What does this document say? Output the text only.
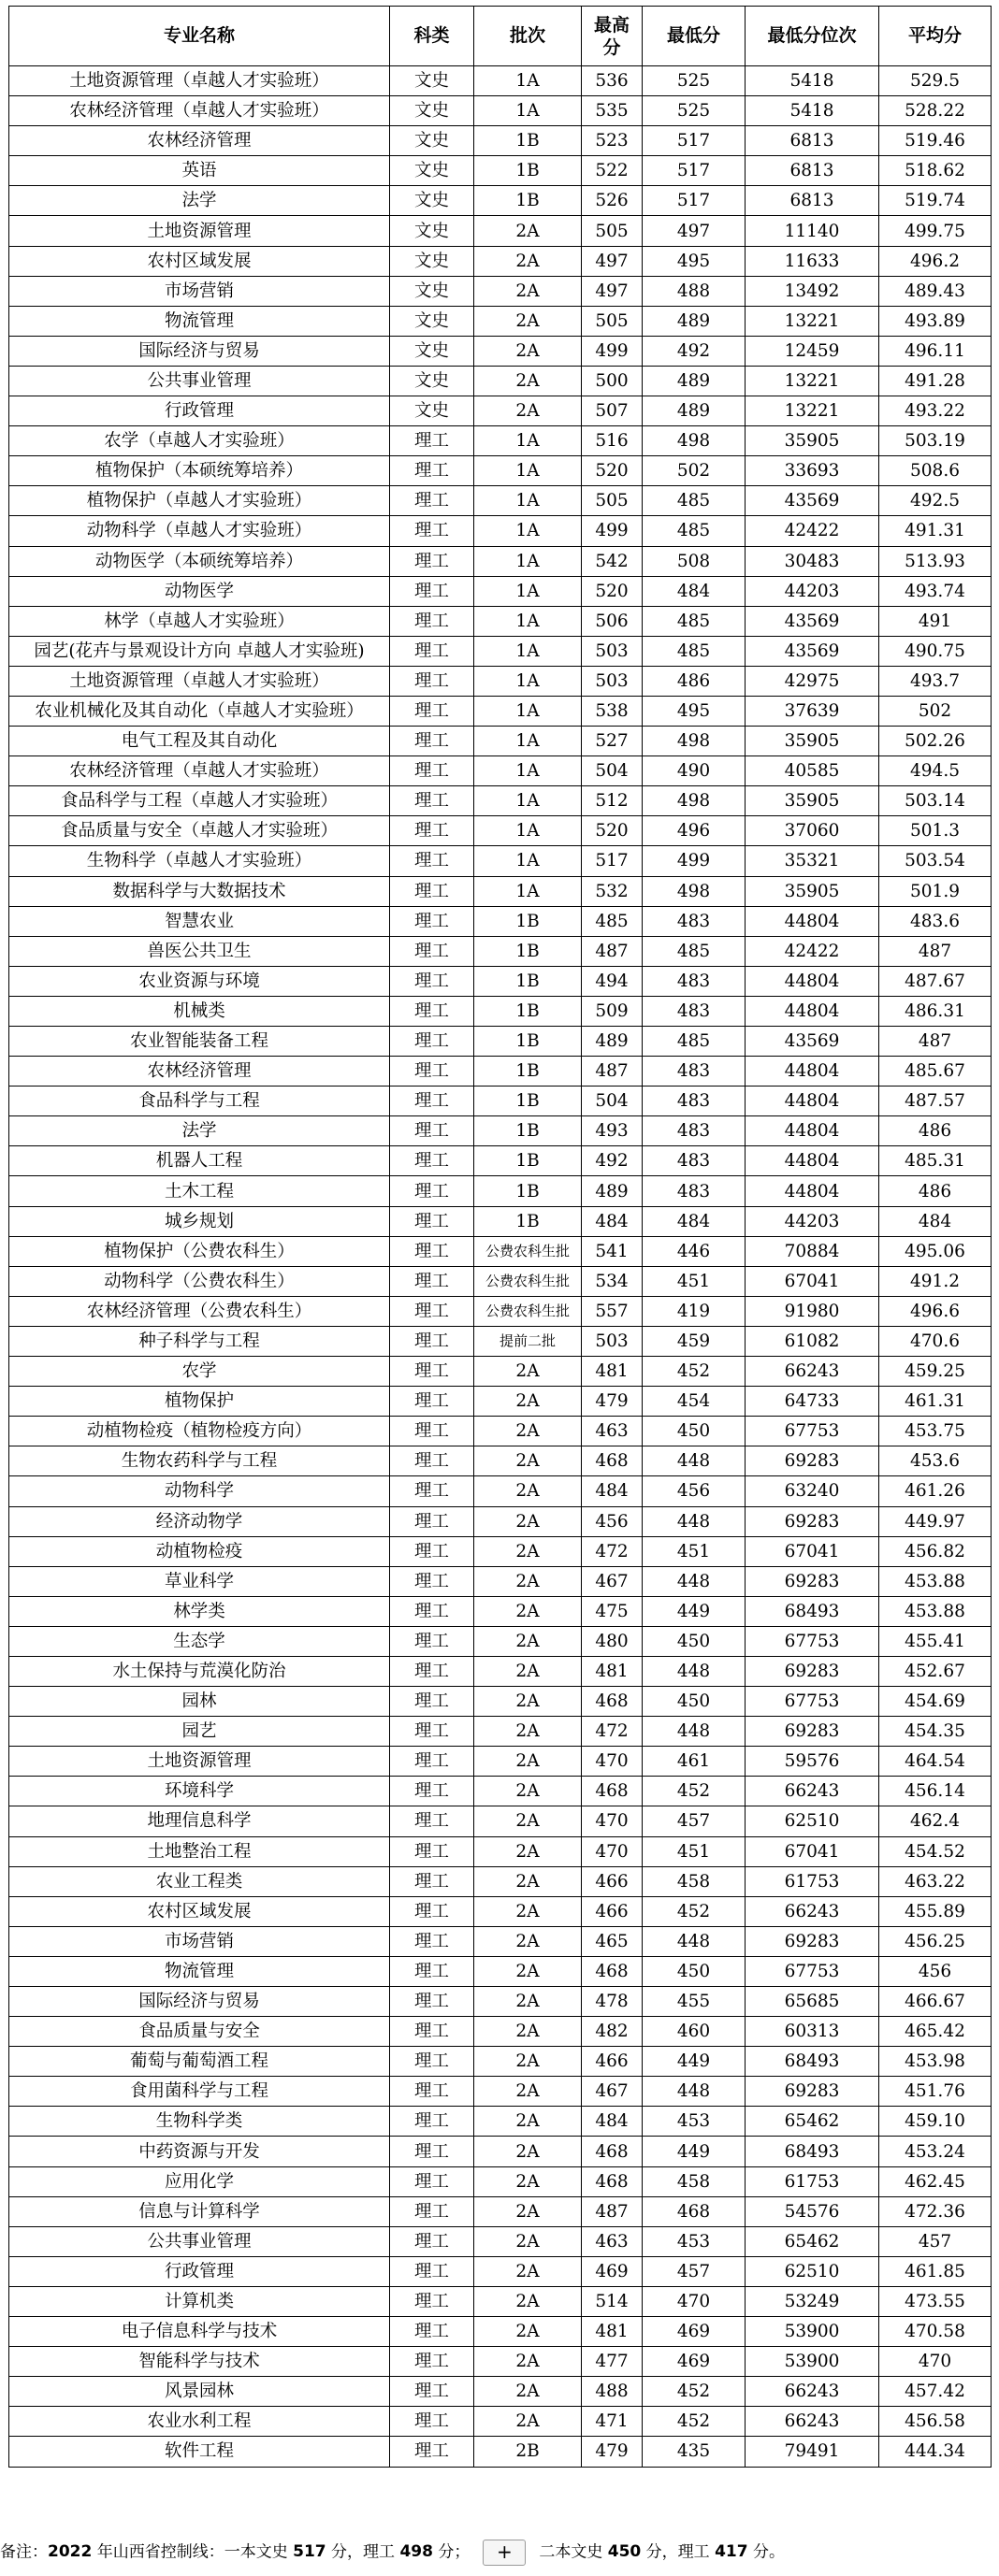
专业名称	科类	批次	最高分	最低分	最低分位次	平均分
土地资源管理（卓越人才实验班）	文史	1A	536	525	5418	529.5
农林经济管理（卓越人才实验班）	文史	1A	535	525	5418	528.22
农林经济管理	文史	1B	523	517	6813	519.46
英语	文史	1B	522	517	6813	518.62
法学	文史	1B	526	517	6813	519.74
土地资源管理	文史	2A	505	497	11140	499.75
农村区域发展	文史	2A	497	495	11633	496.2
市场营销	文史	2A	497	488	13492	489.43
物流管理	文史	2A	505	489	13221	493.89
国际经济与贸易	文史	2A	499	492	12459	496.11
公共事业管理	文史	2A	500	489	13221	491.28
行政管理	文史	2A	507	489	13221	493.22
农学（卓越人才实验班）	理工	1A	516	498	35905	503.19
植物保护（本硕统筹培养）	理工	1A	520	502	33693	508.6
植物保护（卓越人才实验班）	理工	1A	505	485	43569	492.5
动物科学（卓越人才实验班）	理工	1A	499	485	42422	491.31
动物医学（本硕统筹培养）	理工	1A	542	508	30483	513.93
动物医学	理工	1A	520	484	44203	493.74
林学（卓越人才实验班）	理工	1A	506	485	43569	491
园艺(花卉与景观设计方向 卓越人才实验班)	理工	1A	503	485	43569	490.75
土地资源管理（卓越人才实验班）	理工	1A	503	486	42975	493.7
农业机械化及其自动化（卓越人才实验班）	理工	1A	538	495	37639	502
电气工程及其自动化	理工	1A	527	498	35905	502.26
农林经济管理（卓越人才实验班）	理工	1A	504	490	40585	494.5
食品科学与工程（卓越人才实验班）	理工	1A	512	498	35905	503.14
食品质量与安全（卓越人才实验班）	理工	1A	520	496	37060	501.3
生物科学（卓越人才实验班）	理工	1A	517	499	35321	503.54
数据科学与大数据技术	理工	1A	532	498	35905	501.9
智慧农业	理工	1B	485	483	44804	483.6
兽医公共卫生	理工	1B	487	485	42422	487
农业资源与环境	理工	1B	494	483	44804	487.67
机械类	理工	1B	509	483	44804	486.31
农业智能装备工程	理工	1B	489	485	43569	487
农林经济管理	理工	1B	487	483	44804	485.67
食品科学与工程	理工	1B	504	483	44804	487.57
法学	理工	1B	493	483	44804	486
机器人工程	理工	1B	492	483	44804	485.31
土木工程	理工	1B	489	483	44804	486
城乡规划	理工	1B	484	484	44203	484
植物保护（公费农科生）	理工	公费农科生批	541	446	70884	495.06
动物科学（公费农科生）	理工	公费农科生批	534	451	67041	491.2
农林经济管理（公费农科生）	理工	公费农科生批	557	419	91980	496.6
种子科学与工程	理工	提前二批	503	459	61082	470.6
农学	理工	2A	481	452	66243	459.25
植物保护	理工	2A	479	454	64733	461.31
动植物检疫（植物检疫方向）	理工	2A	463	450	67753	453.75
生物农药科学与工程	理工	2A	468	448	69283	453.6
动物科学	理工	2A	484	456	63240	461.26
经济动物学	理工	2A	456	448	69283	449.97
动植物检疫	理工	2A	472	451	67041	456.82
草业科学	理工	2A	467	448	69283	453.88
林学类	理工	2A	475	449	68493	453.88
生态学	理工	2A	480	450	67753	455.41
水土保持与荒漠化防治	理工	2A	481	448	69283	452.67
园林	理工	2A	468	450	67753	454.69
园艺	理工	2A	472	448	69283	454.35
土地资源管理	理工	2A	470	461	59576	464.54
环境科学	理工	2A	468	452	66243	456.14
地理信息科学	理工	2A	470	457	62510	462.4
土地整治工程	理工	2A	470	451	67041	454.52
农业工程类	理工	2A	466	458	61753	463.22
农村区域发展	理工	2A	466	452	66243	455.89
市场营销	理工	2A	465	448	69283	456.25
物流管理	理工	2A	468	450	67753	456
国际经济与贸易	理工	2A	478	455	65685	466.67
食品质量与安全	理工	2A	482	460	60313	465.42
葡萄与葡萄酒工程	理工	2A	466	449	68493	453.98
食用菌科学与工程	理工	2A	467	448	69283	451.76
生物科学类	理工	2A	484	453	65462	459.10
中药资源与开发	理工	2A	468	449	68493	453.24
应用化学	理工	2A	468	458	61753	462.45
信息与计算科学	理工	2A	487	468	54576	472.36
公共事业管理	理工	2A	463	453	65462	457
行政管理	理工	2A	469	457	62510	461.85
计算机类	理工	2A	514	470	53249	473.55
电子信息科学与技术	理工	2A	481	469	53900	470.58
智能科学与技术	理工	2A	477	469	53900	470
风景园林	理工	2A	488	452	66243	457.42
农业水利工程	理工	2A	471	452	66243	456.58
软件工程	理工	2B	479	435	79491	444.34
备注：2022 年山西省控制线：一本文史 517 分，理工 498 分； + 二本文史 450 分，理工 417 分。
